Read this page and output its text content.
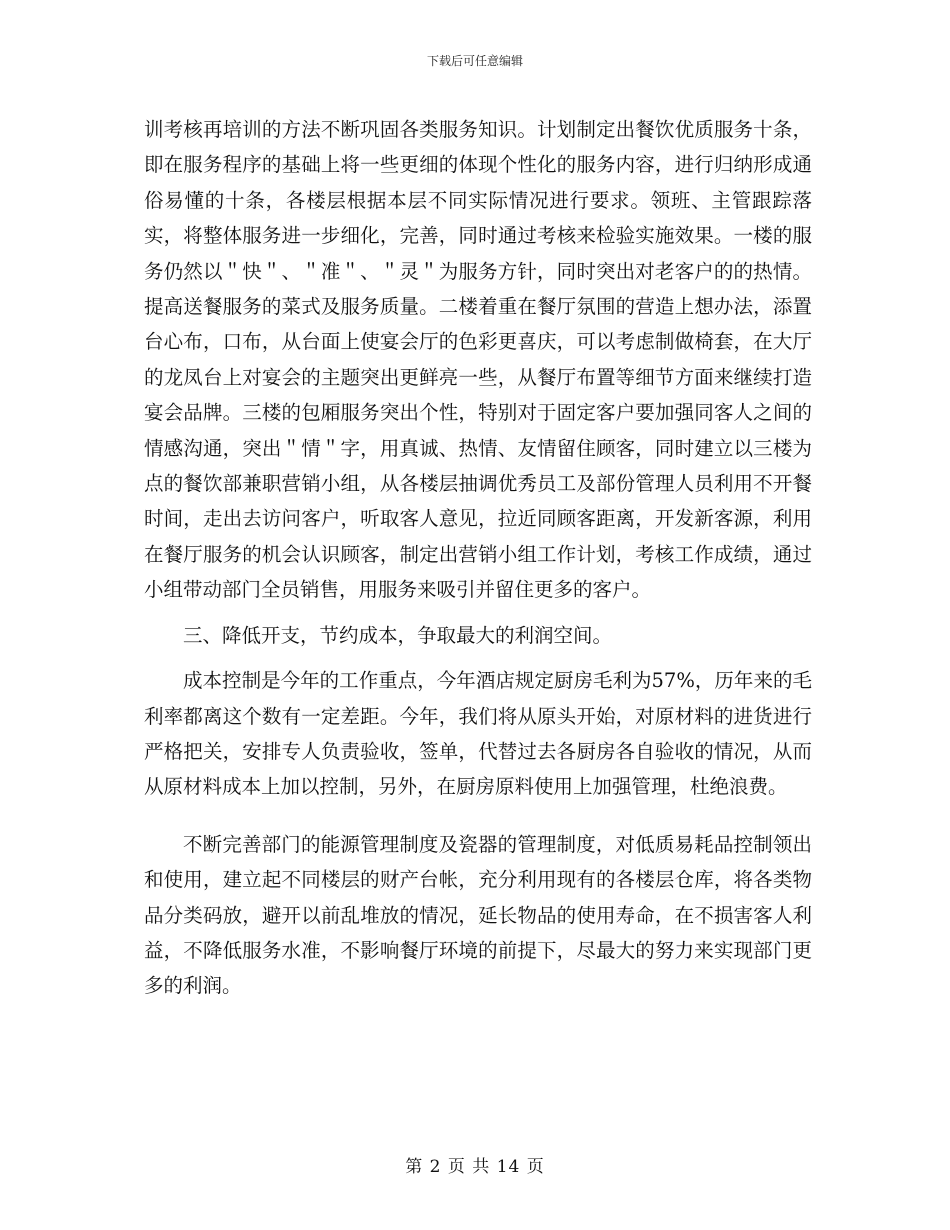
下载后可任意编辑

训考核再培训的方法不断巩固各类服务知识。计划制定出餐饮优质服务十条，即在服务程序的基础上将一些更细的体现个性化的服务内容，进行归纳形成通俗易懂的十条，各楼层根据本层不同实际情况进行要求。领班、主管跟踪落实，将整体服务进一步细化，完善，同时通过考核来检验实施效果。一楼的服务仍然以＂快＂、＂准＂、＂灵＂为服务方针，同时突出对老客户的的热情。提高送餐服务的菜式及服务质量。二楼着重在餐厅氛围的营造上想办法，添置台心布，口布，从台面上使宴会厅的色彩更喜庆，可以考虑制做椅套，在大厅的龙凤台上对宴会的主题突出更鲜亮一些，从餐厅布置等细节方面来继续打造宴会品牌。三楼的包厢服务突出个性，特别对于固定客户要加强同客人之间的情感沟通，突出＂情＂字，用真诚、热情、友情留住顾客，同时建立以三楼为点的餐饮部兼职营销小组，从各楼层抽调优秀员工及部份管理人员利用不开餐时间，走出去访问客户，听取客人意见，拉近同顾客距离，开发新客源，利用在餐厅服务的机会认识顾客，制定出营销小组工作计划，考核工作成绩，通过小组带动部门全员销售，用服务来吸引并留住更多的客户。

三、降低开支，节约成本，争取最大的利润空间。

成本控制是今年的工作重点，今年酒店规定厨房毛利为57%，历年来的毛利率都离这个数有一定差距。今年，我们将从原头开始，对原材料的进货进行严格把关，安排专人负责验收，签单，代替过去各厨房各自验收的情况，从而从原材料成本上加以控制，另外，在厨房原料使用上加强管理，杜绝浪费。

不断完善部门的能源管理制度及瓷器的管理制度，对低质易耗品控制领出和使用，建立起不同楼层的财产台帐，充分利用现有的各楼层仓库，将各类物品分类码放，避开以前乱堆放的情况，延长物品的使用寿命，在不损害客人利益，不降低服务水准，不影响餐厅环境的前提下，尽最大的努力来实现部门更多的利润。

第 2 页 共 14 页
